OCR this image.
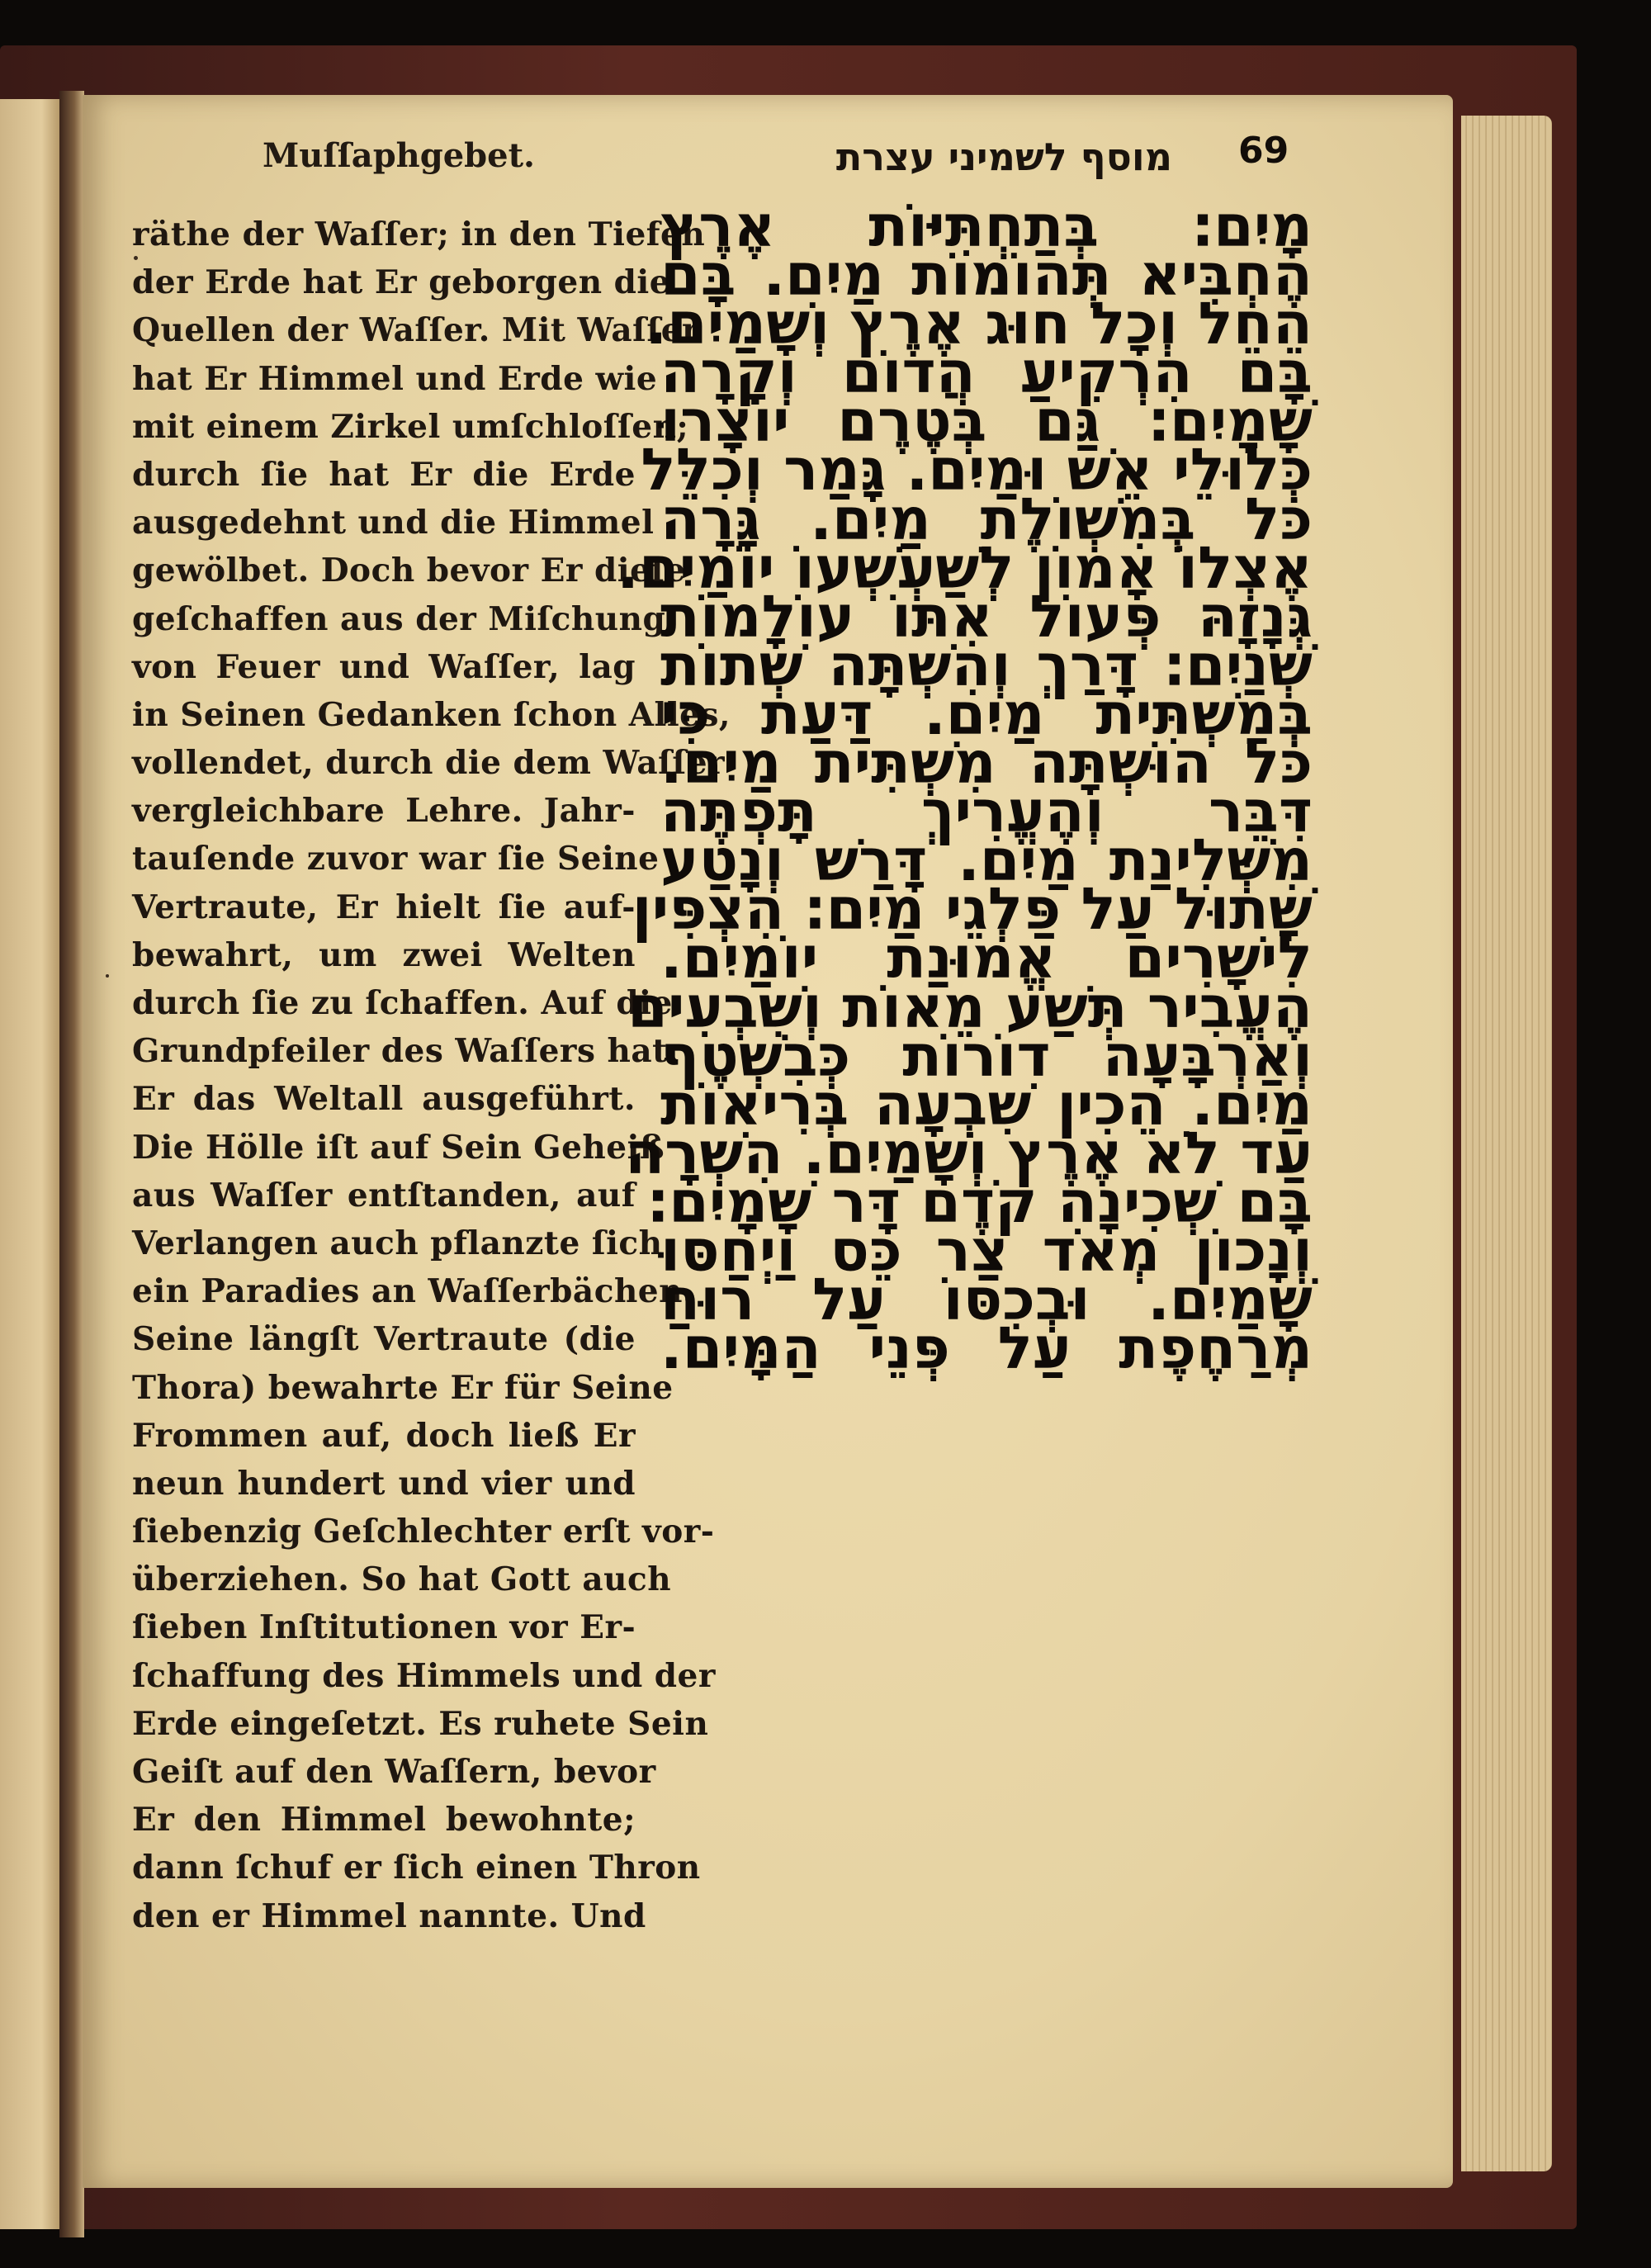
Muſſaphgebet.	מוסף לשמיני עצרת 69
räthe der Waſſer; in den Tiefen
der Erde hat Er geborgen die
Quellen der Waſſer. Mit Waſſer
hat Er Himmel und Erde wie
mit einem Zirkel umſchloſſen;
durch ſie hat Er die Erde
ausgedehnt und die Himmel
gewölbet. Doch bevor Er dieſe
geſchaffen aus der Miſchung
von Feuer und Waſſer, lag
in Seinen Gedanken ſchon Alles,
vollendet, durch die dem Waſſer
vergleichbare Lehre. Jahr-
tauſende zuvor war ſie Seine
Vertraute, Er hielt ſie auf-
bewahrt, um zwei Welten
durch ſie zu ſchaffen. Auf die
Grundpfeiler des Waſſers hat
Er das Weltall ausgeführt.
Die Hölle iſt auf Sein Geheiß
aus Waſſer entſtanden, auf
Verlangen auch pflanzte ſich
ein Paradies an Waſſerbächen.
Seine längſt Vertraute (die
Thora) bewahrte Er für Seine
Frommen auf, doch ließ Er
neun hundert und vier und
ſiebenzig Geſchlechter erſt vor-
überziehen. So hat Gott auch
ſieben Inſtitutionen vor Er-
ſchaffung des Himmels und der
Erde eingeſetzt. Es ruhete Sein
Geiſt auf den Waſſern, bevor
Er den Himmel bewohnte;
dann ſchuf er ſich einen Thron
den er Himmel nannte. Und
מָיִם׃ בְּתַחְתִּיּוֹת אֶרֶץ
הֶחְבִּיא תְּהוֹמוֹת מַיִם. בָּם
הֵחֵל וְכָל חוּג אֶרֶץ וְשָׁמַיִם.
בָּם הִרְקִיעַ הֲדוֹם וְקָרָה
שָׁמָיִם׃ גַּם בְּטֶרֶם יוֹצָרוּ
כְּלוּלֵי אֵשׁ וּמַיִם. גָּמַר וְכִלֵּל
כֹּל בְּמִשְׁוֹלֶת מַיִם. גָּרָה
אֶצְלוֹ אָמוֹן לְשַׁעְשְׁעוֹ יוֹמַיִם.
גְּנָזָהּ פְּעוֹל אִתּוֹ עוֹלָמוֹת
שְׁנַיִם׃ דָּרַךְ וְהִשְׁתָּה שְׁתוֹת
בְּמַשְׁתִּית מַיִם. דַּעַת כִּי
כֹּל הוּשְׁתָּה מִשְׁתִּית מַיִם.
דִּבֵּר וְהֶעֱרִיךְ תָּפְתֶּה
מִשְּׁלִינַת מַיִם. דָּרַשׁ וְנָטַע
שָׁתוּל עַל פַּלְגֵי מַיִם׃ הִצְפִּין
לִישָׁרִים אֱמוּנַת יוֹמַיִם.
הֶעֱבִיר תְּשַׁע מֵאוֹת וְשִׁבְעִים
וְאַרְבָּעָה דוֹרוֹת כְּבִשְׁטֶף
מַיִם. הֵכִין שִׁבְעָה בְּרִיאוֹת
עַד לֹא אֶרֶץ וְשָׁמַיִם. הִשְׁרָה
בָּם שְׁכִינָה קֹדֶם דָּר שָׁמָיִם׃
וְנָכוֹן מְאֹד צַר כֵּס וַיְחַסּוּ
שָׁמַיִם. וּבְכִסּוֹ עַל רוּחַ
מְרַחֶפֶת עַל פְּנֵי הַמָּיִם.
